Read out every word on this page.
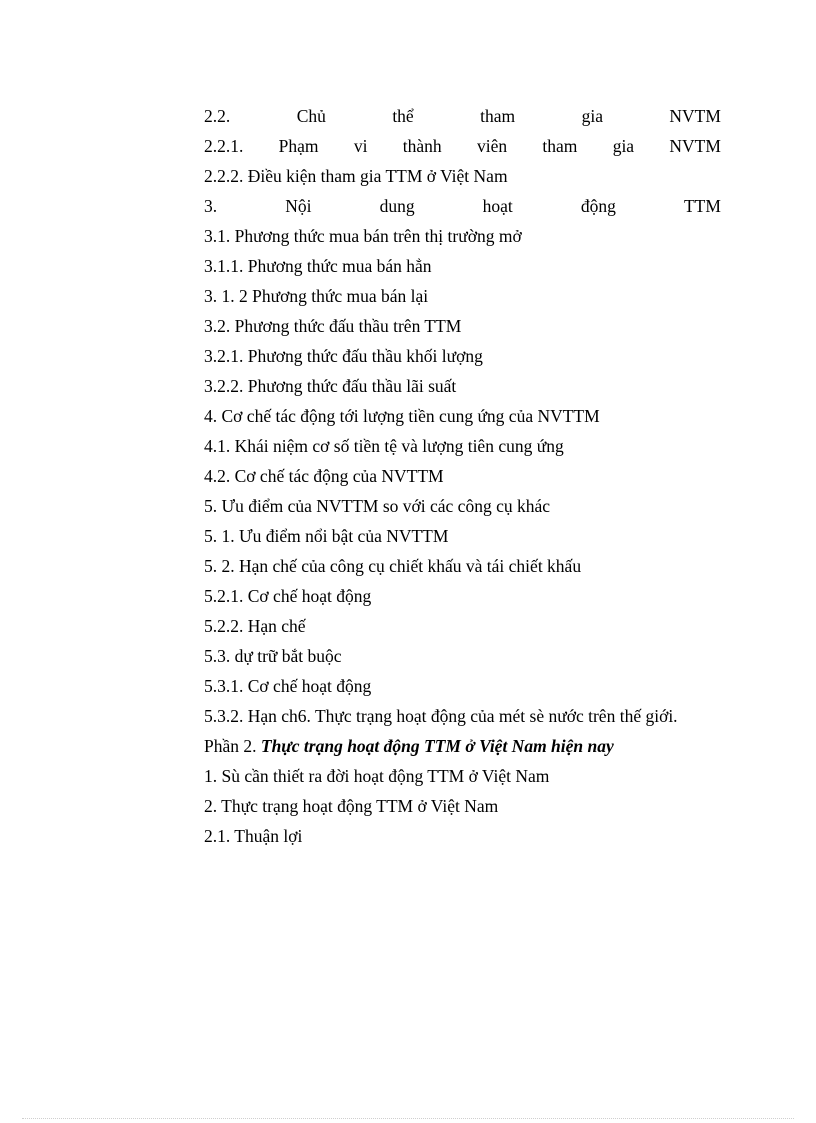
2.2.	Chủ	thể	tham	gia	NVTM
2.2.1. Phạm vi thành viên tham gia NVTM
2.2.2. Điều kiện tham gia TTM ở Việt Nam
3.	Nội	dung	hoạt	động	TTM
3.1. Phương thức mua bán trên thị trường mở
3.1.1. Phương thức mua bán hẳn
3. 1. 2 Phương thức mua bán lại
3.2. Phương thức đấu thầu trên TTM
3.2.1. Phương thức đấu thầu khối lượng
3.2.2. Phương thức đấu thầu lãi suất
4. Cơ chế tác động tới lượng tiền cung ứng của NVTTM
4.1. Khái niệm cơ số tiền tệ và lượng tiên cung ứng
4.2. Cơ chế tác động của NVTTM
5. Ưu điểm của NVTTM so với các công cụ khác
5. 1. Ưu điểm nổi bật của NVTTM
5. 2. Hạn chế của công cụ chiết khấu và tái chiết khấu
5.2.1. Cơ chế hoạt động
5.2.2. Hạn chế
5.3. dự trữ bắt buộc
5.3.1. Cơ chế hoạt động
5.3.2. Hạn ch6. Thực trạng hoạt động của mét sè nước trên thế giới.
Phần 2. Thực trạng hoạt động TTM ở Việt Nam hiện nay
1. Sù cần thiết ra đời hoạt động TTM ở Việt Nam
2. Thực trạng hoạt động TTM ở Việt Nam
2.1. Thuận lợi
